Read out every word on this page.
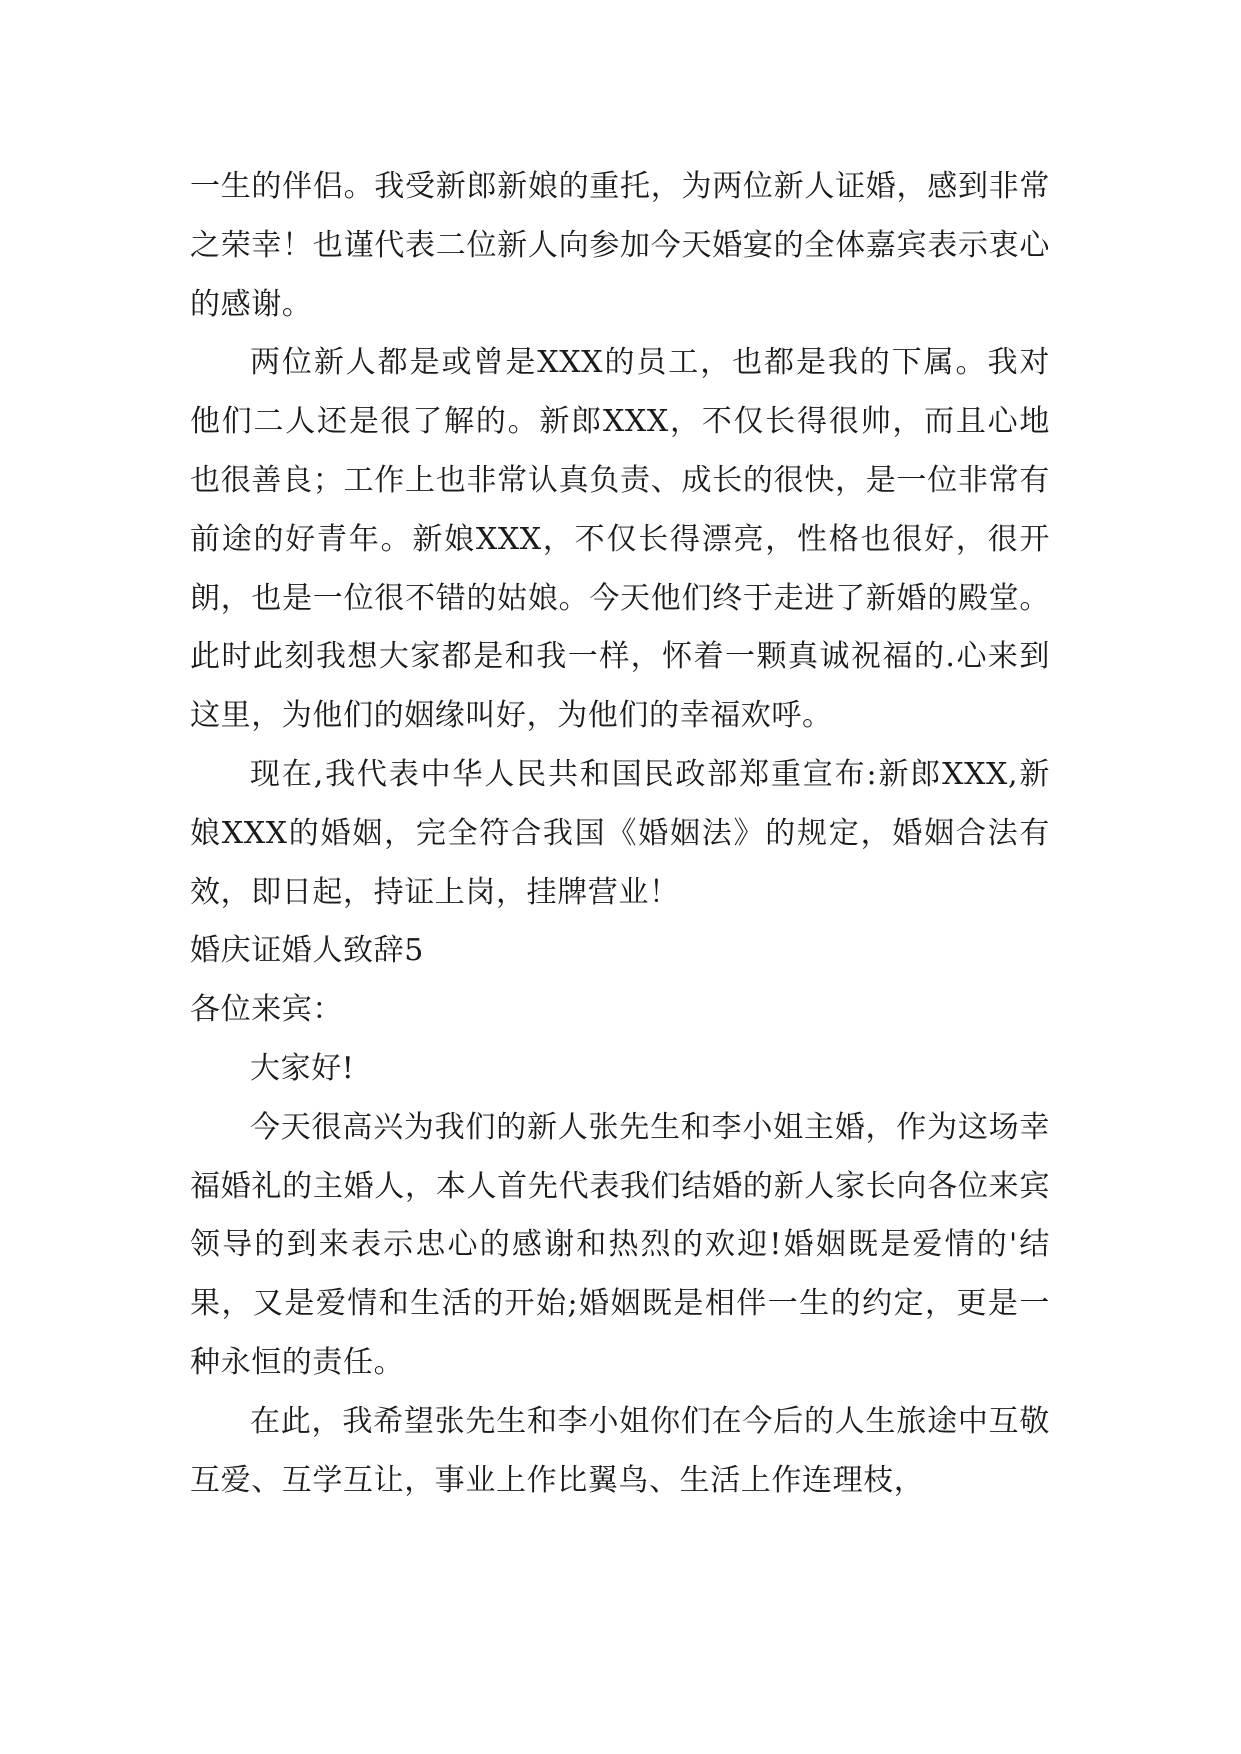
一生的伴侣。我受新郎新娘的重托，为两位新人证婚，感到非常之荣幸！也谨代表二位新人向参加今天婚宴的全体嘉宾表示衷心的感谢。

两位新人都是或曾是XXX的员工，也都是我的下属。我对他们二人还是很了解的。新郎XXX，不仅长得很帅，而且心地也很善良；工作上也非常认真负责、成长的很快，是一位非常有前途的好青年。新娘XXX，不仅长得漂亮，性格也很好，很开朗，也是一位很不错的姑娘。今天他们终于走进了新婚的殿堂。此时此刻我想大家都是和我一样，怀着一颗真诚祝福的.心来到这里，为他们的姻缘叫好，为他们的幸福欢呼。

现在,我代表中华人民共和国民政部郑重宣布:新郎XXX,新娘XXX的婚姻，完全符合我国《婚姻法》的规定，婚姻合法有效，即日起，持证上岗，挂牌营业！

婚庆证婚人致辞5

各位来宾：

大家好!

今天很高兴为我们的新人张先生和李小姐主婚，作为这场幸福婚礼的主婚人，本人首先代表我们结婚的新人家长向各位来宾领导的到来表示忠心的感谢和热烈的欢迎!婚姻既是爱情的'结果，又是爱情和生活的开始;婚姻既是相伴一生的约定，更是一种永恒的责任。

在此，我希望张先生和李小姐你们在今后的人生旅途中互敬互爱、互学互让，事业上作比翼鸟、生活上作连理枝，
